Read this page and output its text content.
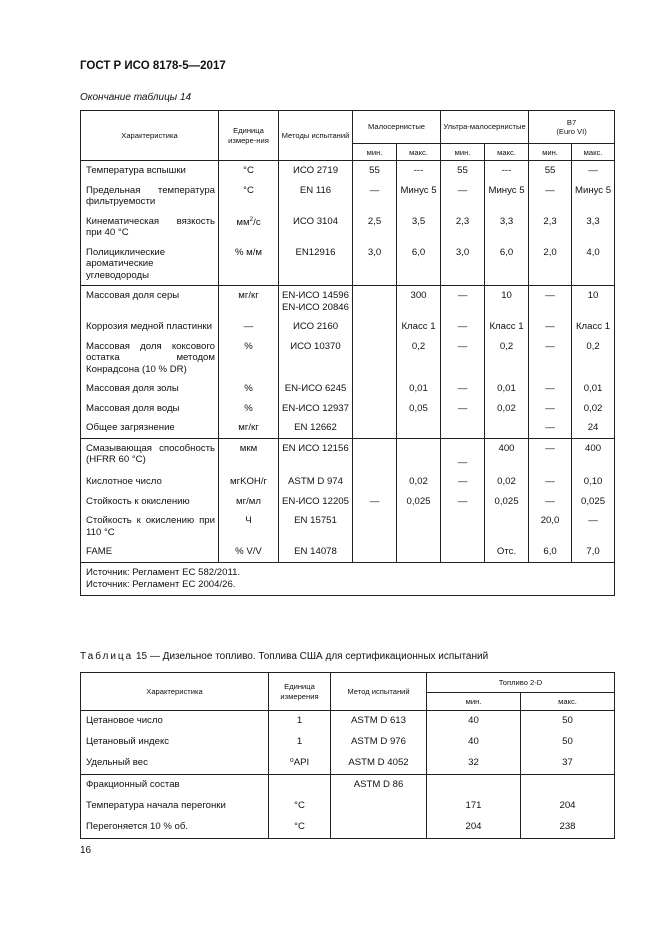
ГОСТ Р ИСО 8178-5—2017
Окончание таблицы 14
Характеристика	Единица измере-ния	Методы испытаний	Малосернистые		Ультра-малосернистые		B7
(Euro VI)	
			мин.	макс.	мин.	макс.	мин.	макс.

Температура вспышки	°С	ИСО 2719	55	---	55	---	55	—

Предельная температура фильтруемости	°С	EN 116	—	Минус 5	—	Минус 5	—	Минус 5

Кинематическая вязкость при 40 °С	$мм^2/с$	ИСО 3104	2,5	3,5	2,3	3,3	2,3	3,3

Полициклические ароматические углеводороды	% м/м	EN12916	3,0	6,0	3,0	6,0	2,0	4,0

Массовая доля серы	мг/кг	EN-ИСО 14596 EN-ИСО 20846		300	—	10	—	10

Коррозия медной пластинки	—	ИСО 2160		Класс 1	—	Класс 1	—	Класс 1

Массовая доля коксового остатка методом Конрадсона (10 % DR)	%	ИСО 10370		0,2	—	0,2	—	0,2

Массовая доля золы	%	EN-ИСО 6245		0,01	—	0,01	—	0,01

Массовая доля воды	%	EN-ИСО 12937		0,05	—	0,02	—	0,02

Общее загрязнение	мг/кг	EN 12662					—	24

Смазывающая способность (HFRR 60 °С)	мкм	EN ИСО 12156			—	400	—	400

Кислотное число	мгKOH/г	ASTM D 974		0,02	—	0,02	—	0,10

Стойкость к окислению	мг/мл	EN-ИСО 12205	—	0,025	—	0,025	—	0,025

Стойкость к окислению при 110 °С	Ч	EN 15751					20,0	—

FAME	% V/V	EN 14078				Отс.	6,0	7,0

Источник: Регламент ЕС 582/2011.
Источник: Регламент ЕС 2004/26.								
Таблица 15 — Дизельное топливо. Топлива США для сертификационных испытаний
Характеристика	Единица измерения	Метод испытаний	Топливо 2-D	
			мин.	макс.
Цетановое число	1	ASTM D 613	40	50
Цетановый индекс	1	ASTM D 976	40	50
Удельный вес	⁰API	ASTM D 4052	32	37
Фракционный состав		ASTM D 86		
Температура начала перегонки	°С		171	204
Перегоняется 10 % об.	°С		204	238
16
